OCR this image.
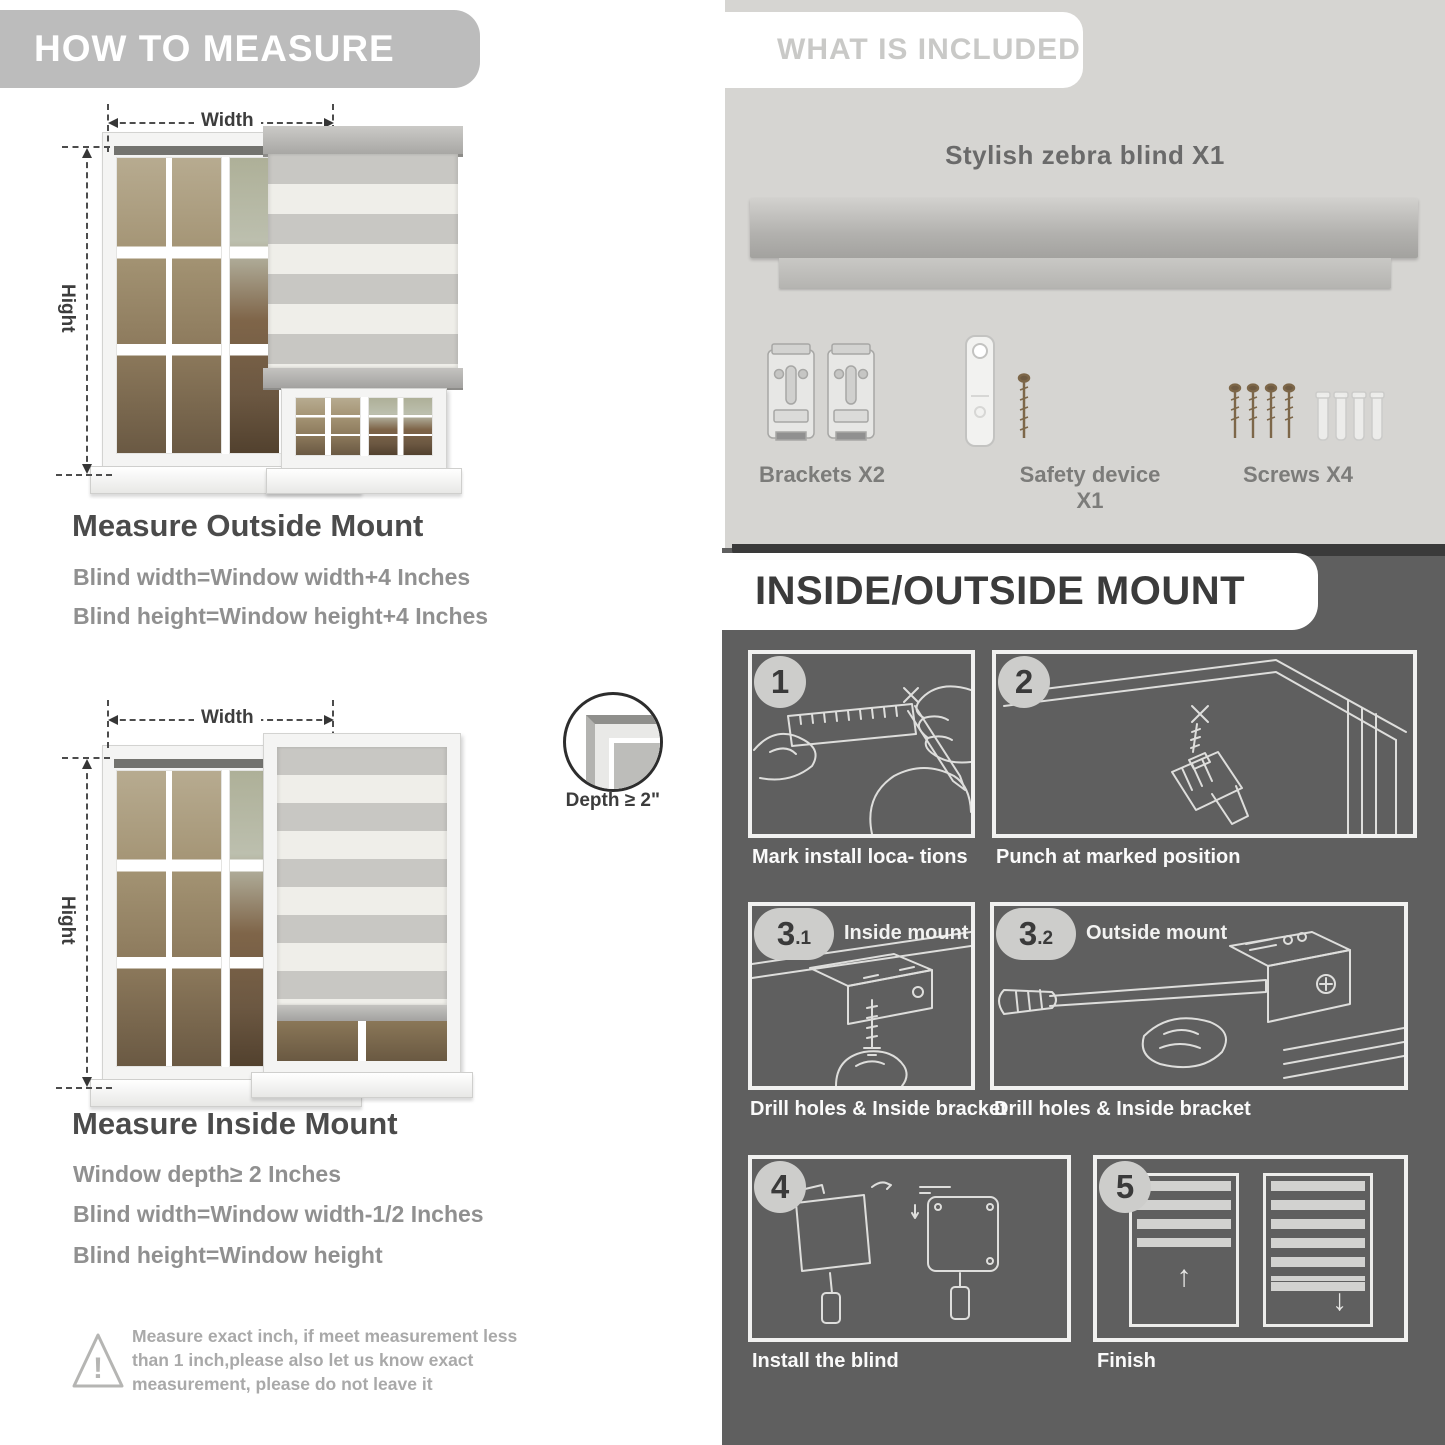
HOW TO MEASURE
Width
Hight
Measure Outside Mount
Blind width=Window width+4 Inches
Blind height=Window height+4 Inches
Width
Hight
Depth ≥ 2"
Measure Inside Mount
Window depth≥ 2 Inches
Blind width=Window width-1/2 Inches
Blind height=Window height
!
Measure exact inch, if meet measurement less
than 1 inch,please also let us know exact
measurement, please do not leave it
WHAT IS INCLUDED
Stylish zebra blind X1
Brackets X2	Safety device X1
Screws X4
INSIDE/OUTSIDE MOUNT
1
Mark install loca- tions
2
Punch at marked position
3 .1 Inside mount
Drill holes & Inside bracket
3 .2 Outside mount
Drill holes & Inside bracket
4
Install the blind
↑
↓
5
Finish
